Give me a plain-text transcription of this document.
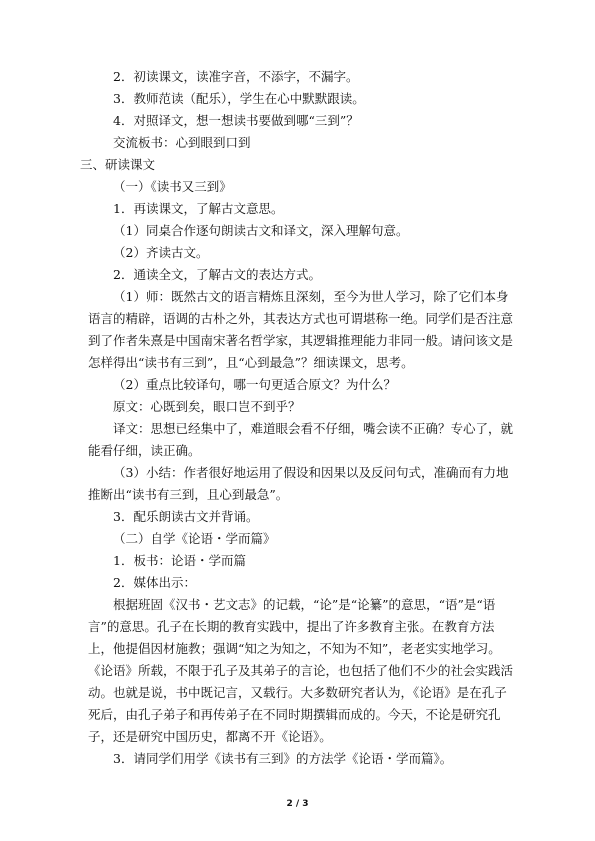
2．初读课文，读准字音，不添字，不漏字。

3．教师范读（配乐），学生在心中默默跟读。

4．对照译文，想一想读书要做到哪“三到”？

交流板书：心到眼到口到

三、研读课文

（一）《读书又三到》

1．再读课文，了解古文意思。

（1）同桌合作逐句朗读古文和译文，深入理解句意。

（2）齐读古文。

2．通读全文，了解古文的表达方式。

（1）师：既然古文的语言精炼且深刻，至今为世人学习，除了它们本身语言的精辟，语调的古朴之外，其表达方式也可谓堪称一绝。同学们是否注意到了作者朱熹是中国南宋著名哲学家，其逻辑推理能力非同一般。请问该文是怎样得出“读书有三到”，且“心到最急”？细读课文，思考。

（2）重点比较译句，哪一句更适合原文？为什么？

原文：心既到矣，眼口岂不到乎？

译文：思想已经集中了，难道眼会看不仔细，嘴会读不正确？专心了，就能看仔细，读正确。

（3）小结：作者很好地运用了假设和因果以及反问句式，准确而有力地推断出“读书有三到，且心到最急”。

3．配乐朗读古文并背诵。

（二）自学《论语・学而篇》

1．板书：论语・学而篇

2．媒体出示：

根据班固《汉书・艺文志》的记载，“论”是“论纂”的意思，“语”是“语言”的意思。孔子在长期的教育实践中，提出了许多教育主张。在教育方法上，他提倡因材施教；强调“知之为知之，不知为不知”，老老实实地学习。《论语》所载，不限于孔子及其弟子的言论，也包括了他们不少的社会实践活动。也就是说，书中既记言，又载行。大多数研究者认为，《论语》是在孔子死后，由孔子弟子和再传弟子在不同时期撰辑而成的。今天，不论是研究孔子，还是研究中国历史，都离不开《论语》。

3．请同学们用学《读书有三到》的方法学《论语・学而篇》。

2 / 3
